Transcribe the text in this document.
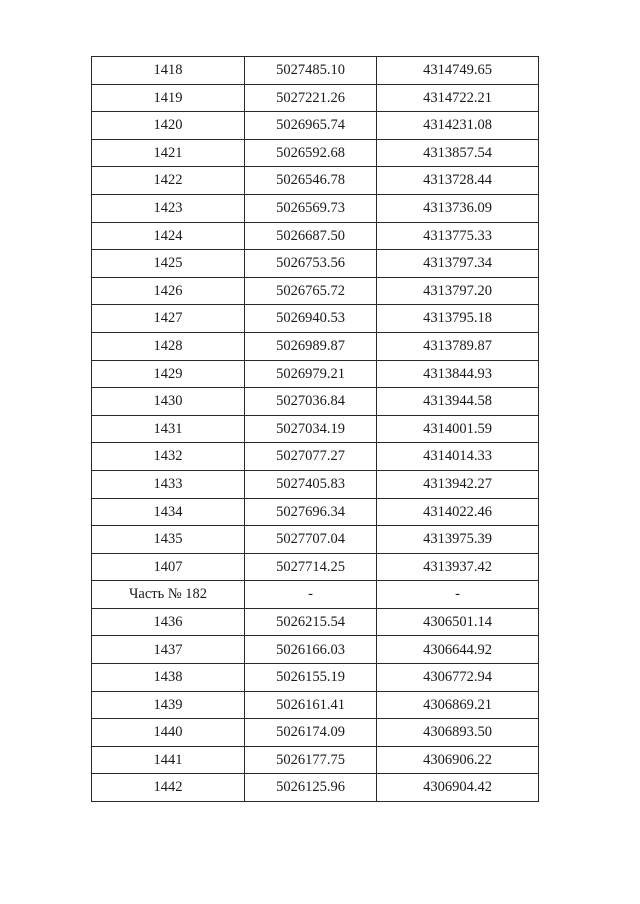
1418	5027485.10	4314749.65
1419	5027221.26	4314722.21
1420	5026965.74	4314231.08
1421	5026592.68	4313857.54
1422	5026546.78	4313728.44
1423	5026569.73	4313736.09
1424	5026687.50	4313775.33
1425	5026753.56	4313797.34
1426	5026765.72	4313797.20
1427	5026940.53	4313795.18
1428	5026989.87	4313789.87
1429	5026979.21	4313844.93
1430	5027036.84	4313944.58
1431	5027034.19	4314001.59
1432	5027077.27	4314014.33
1433	5027405.83	4313942.27
1434	5027696.34	4314022.46
1435	5027707.04	4313975.39
1407	5027714.25	4313937.42
Часть № 182	-	-
1436	5026215.54	4306501.14
1437	5026166.03	4306644.92
1438	5026155.19	4306772.94
1439	5026161.41	4306869.21
1440	5026174.09	4306893.50
1441	5026177.75	4306906.22
1442	5026125.96	4306904.42
